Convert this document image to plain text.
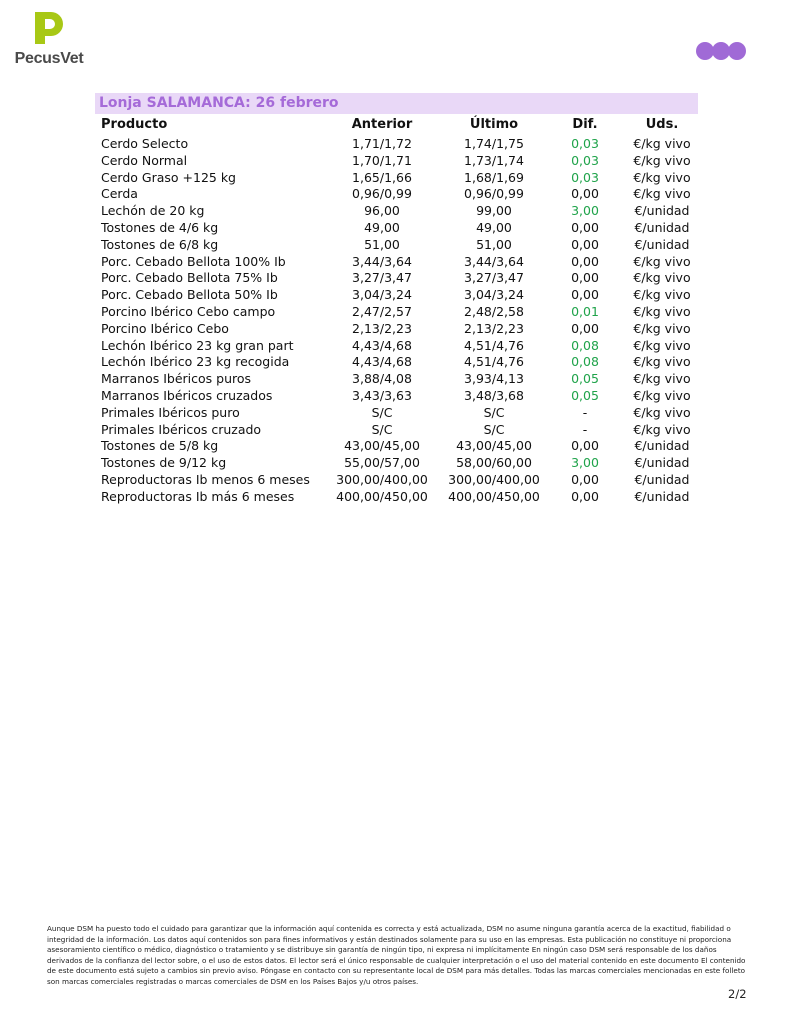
PecusVet
Lonja SALAMANCA: 26 febrero
Producto	Anterior	Último	Dif.	Uds.
Cerdo Selecto	1,71/1,72	1,74/1,75	0,03	€/kg vivo
Cerdo Normal	1,70/1,71	1,73/1,74	0,03	€/kg vivo
Cerdo Graso +125 kg	1,65/1,66	1,68/1,69	0,03	€/kg vivo
Cerda	0,96/0,99	0,96/0,99	0,00	€/kg vivo
Lechón de 20 kg	96,00	99,00	3,00	€/unidad
Tostones de 4/6 kg	49,00	49,00	0,00	€/unidad
Tostones de 6/8 kg	51,00	51,00	0,00	€/unidad
Porc. Cebado Bellota 100% Ib	3,44/3,64	3,44/3,64	0,00	€/kg vivo
Porc. Cebado Bellota 75% Ib	3,27/3,47	3,27/3,47	0,00	€/kg vivo
Porc. Cebado Bellota 50% Ib	3,04/3,24	3,04/3,24	0,00	€/kg vivo
Porcino Ibérico Cebo campo	2,47/2,57	2,48/2,58	0,01	€/kg vivo
Porcino Ibérico Cebo	2,13/2,23	2,13/2,23	0,00	€/kg vivo
Lechón Ibérico 23 kg gran part	4,43/4,68	4,51/4,76	0,08	€/kg vivo
Lechón Ibérico 23 kg recogida	4,43/4,68	4,51/4,76	0,08	€/kg vivo
Marranos Ibéricos puros	3,88/4,08	3,93/4,13	0,05	€/kg vivo
Marranos Ibéricos cruzados	3,43/3,63	3,48/3,68	0,05	€/kg vivo
Primales Ibéricos puro	S/C	S/C	-	€/kg vivo
Primales Ibéricos cruzado	S/C	S/C	-	€/kg vivo
Tostones de 5/8 kg	43,00/45,00	43,00/45,00	0,00	€/unidad
Tostones de 9/12 kg	55,00/57,00	58,00/60,00	3,00	€/unidad
Reproductoras Ib menos 6 meses	300,00/400,00	300,00/400,00	0,00	€/unidad
Reproductoras Ib más 6 meses	400,00/450,00	400,00/450,00	0,00	€/unidad
Aunque DSM ha puesto todo el cuidado para garantizar que la información aquí contenida es correcta y está actualizada, DSM no asume ninguna garantía acerca de la exactitud, fiabilidad o integridad de la información. Los datos aquí contenidos son para fines informativos y están destinados solamente para su uso en las empresas. Esta publicación no constituye ni proporciona asesoramiento científico o médico, diagnóstico o tratamiento y se distribuye sin garantía de ningún tipo, ni expresa ni implícitamente En ningún caso DSM será responsable de los daños derivados de la confianza del lector sobre, o el uso de estos datos. El lector será el único responsable de cualquier interpretación o el uso del material contenido en este documento El contenido de este documento está sujeto a cambios sin previo aviso. Póngase en contacto con su representante local de DSM para más detalles. Todas las marcas comerciales mencionadas en este folleto son marcas comerciales registradas o marcas comerciales de DSM en los Países Bajos y/u otros países.
2/2
